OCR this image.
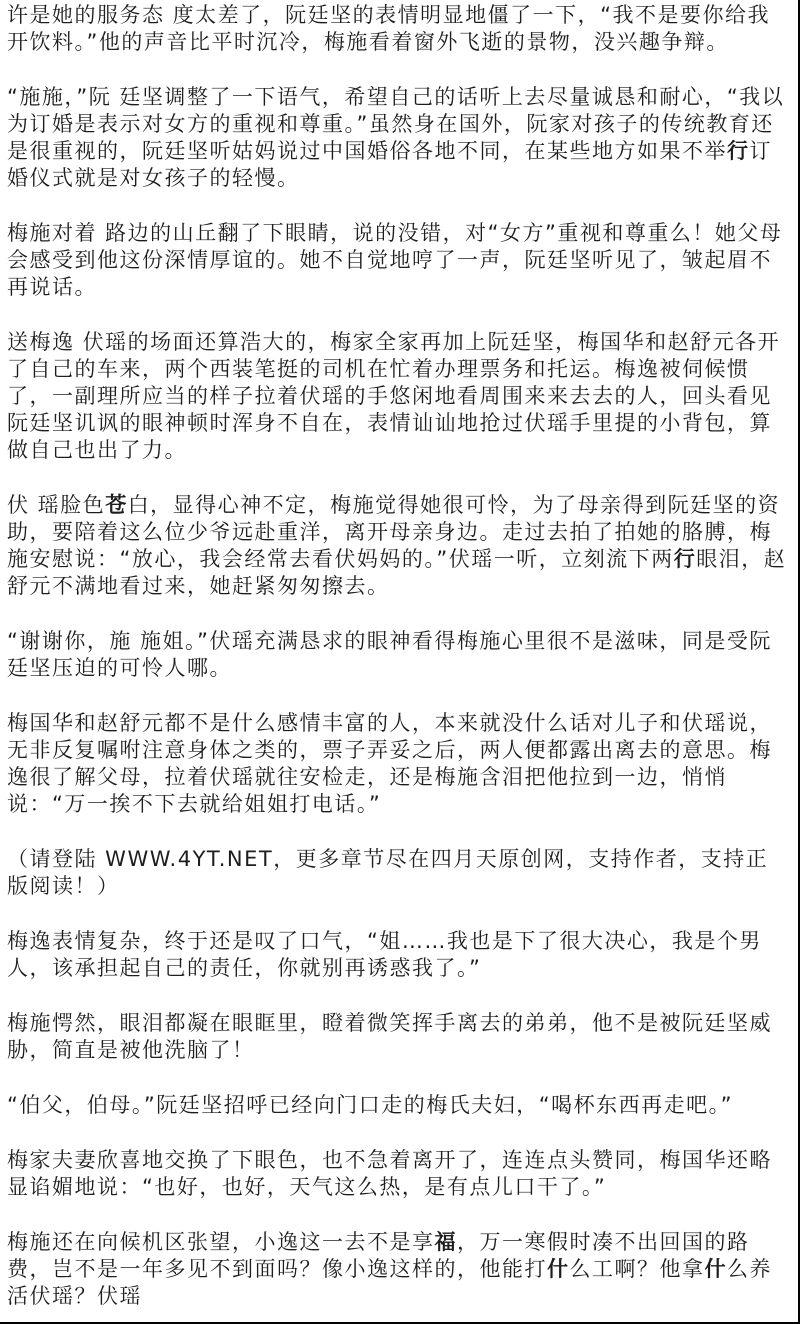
许是她的服务态 度太差了，阮廷坚的表情明显地僵了一下，“我不是要你给我开饮料。”他的声音比平时沉冷，梅施看着窗外飞逝的景物，没兴趣争辩。

“施施，”阮 廷坚调整了一下语气，希望自己的话听上去尽量诚恳和耐心，“我以为订婚是表示对女方的重视和尊重。”虽然身在国外，阮家对孩子的传统教育还是很重视的，阮廷坚听姑妈说过中国婚俗各地不同，在某些地方如果不举行订婚仪式就是对女孩子的轻慢。

梅施对着 路边的山丘翻了下眼睛，说的没错，对“女方”重视和尊重么！她父母会感受到他这份深情厚谊的。她不自觉地哼了一声，阮廷坚听见了，皱起眉不再说话。

送梅逸 伏瑶的场面还算浩大的，梅家全家再加上阮廷坚，梅国华和赵舒元各开了自己的车来，两个西装笔挺的司机在忙着办理票务和托运。梅逸被伺候惯了，一副理所应当的样子拉着伏瑶的手悠闲地看周围来来去去的人，回头看见阮廷坚讥讽的眼神顿时浑身不自在，表情讪讪地抢过伏瑶手里提的小背包，算做自己也出了力。

伏 瑶脸色苍白，显得心神不定，梅施觉得她很可怜，为了母亲得到阮廷坚的资助，要陪着这么位少爷远赴重洋，离开母亲身边。走过去拍了拍她的胳膊，梅施安慰说：“放心，我会经常去看伏妈妈的。”伏瑶一听，立刻流下两行眼泪，赵舒元不满地看过来，她赶紧匆匆擦去。

“谢谢你，施 施姐。”伏瑶充满恳求的眼神看得梅施心里很不是滋味，同是受阮廷坚压迫的可怜人哪。

梅国华和赵舒元都不是什么感情丰富的人，本来就没什么话对儿子和伏瑶说，无非反复嘱咐注意身体之类的，票子弄妥之后，两人便都露出离去的意思。梅逸很了解父母，拉着伏瑶就往安检走，还是梅施含泪把他拉到一边，悄悄说：“万一挨不下去就给姐姐打电话。”

（请登陆 WWW.4YT.NET，更多章节尽在四月天原创网，支持作者，支持正版阅读！）

梅逸表情复杂，终于还是叹了口气，“姐……我也是下了很大决心，我是个男人，该承担起自己的责任，你就别再诱惑我了。”

梅施愕然，眼泪都凝在眼眶里，瞪着微笑挥手离去的弟弟，他不是被阮廷坚威胁，简直是被他洗脑了！

“伯父，伯母。”阮廷坚招呼已经向门口走的梅氏夫妇，“喝杯东西再走吧。”

梅家夫妻欣喜地交换了下眼色，也不急着离开了，连连点头赞同，梅国华还略显谄媚地说：“也好，也好，天气这么热，是有点儿口干了。”

梅施还在向候机区张望，小逸这一去不是享福，万一寒假时凑不出回国的路费，岂不是一年多见不到面吗？像小逸这样的，他能打什么工啊？他拿什么养活伏瑶？伏瑶
